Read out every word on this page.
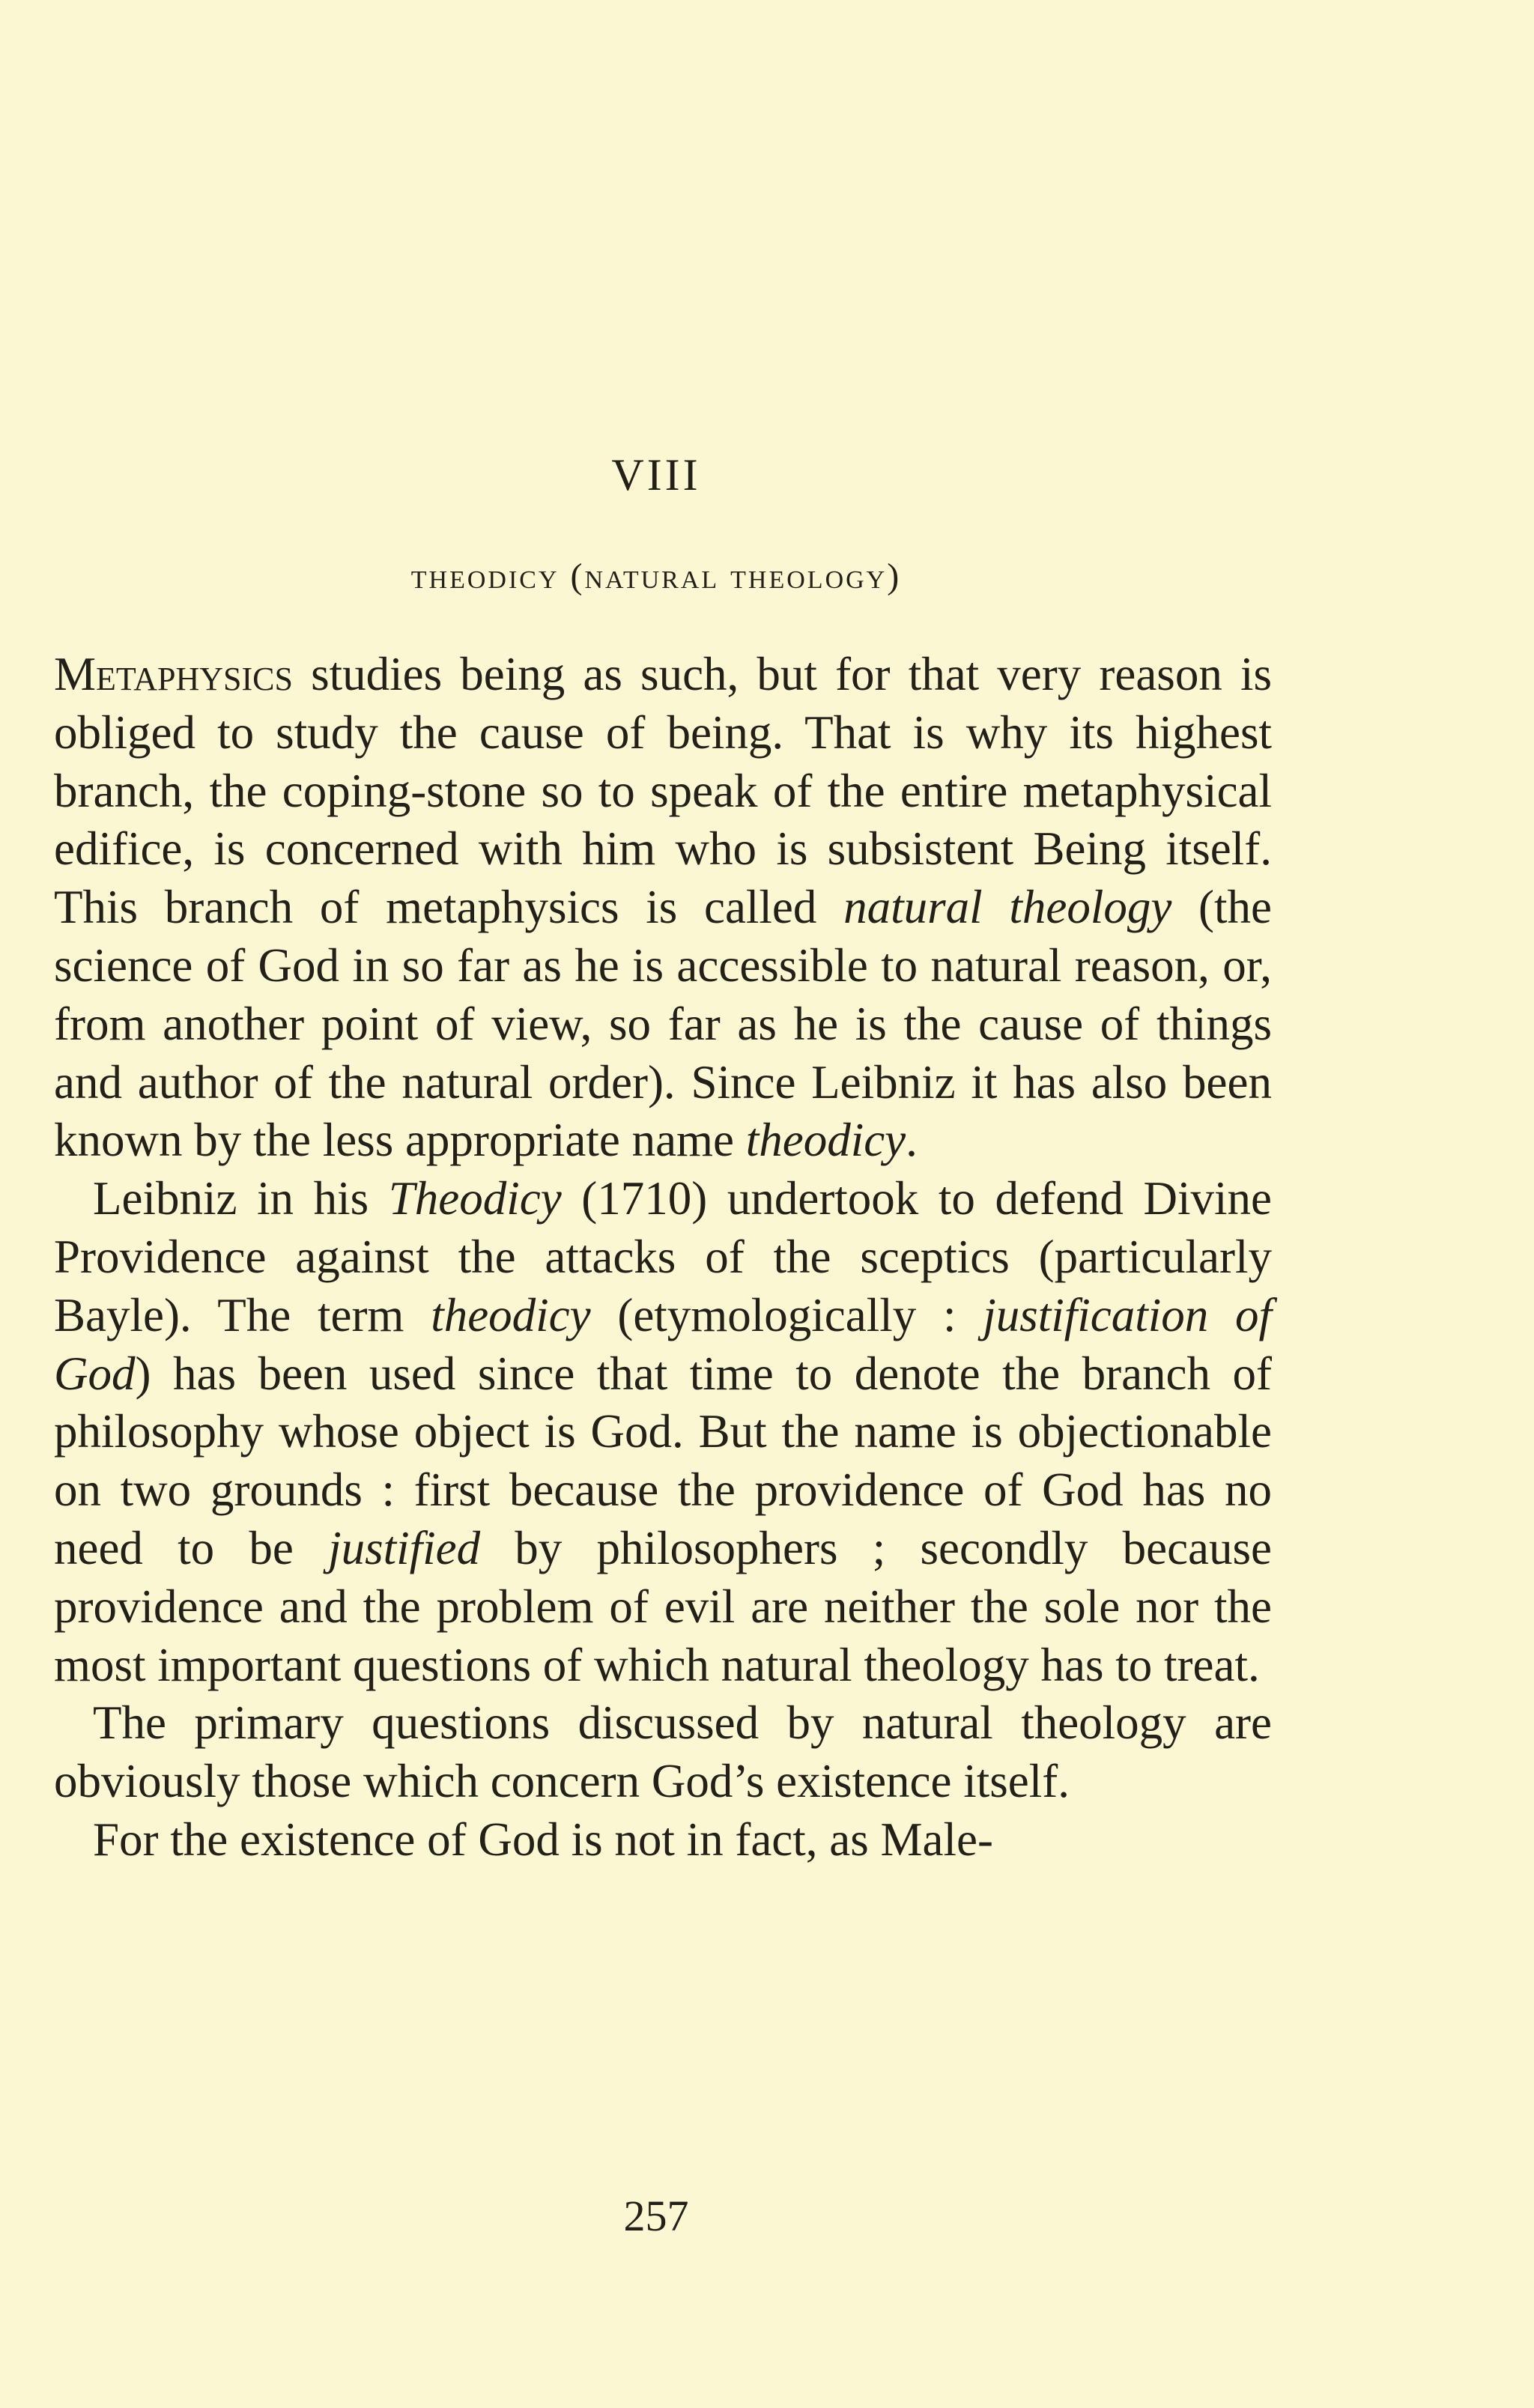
VIII
theodicy (natural theology)

Metaphysics studies being as such, but for that very reason is obliged to study the cause of being. That is why its highest branch, the coping-stone so to speak of the entire metaphysical edifice, is concerned with him who is subsistent Being itself. This branch of metaphysics is called natural theology (the science of God in so far as he is accessible to natural reason, or, from another point of view, so far as he is the cause of things and author of the natural order). Since Leibniz it has also been known by the less appropriate name theodicy.

Leibniz in his Theodicy (1710) undertook to defend Divine Providence against the attacks of the sceptics (particularly Bayle). The term theodicy (etymologically : justification of God) has been used since that time to denote the branch of philosophy whose object is God. But the name is objectionable on two grounds : first because the providence of God has no need to be justified by philosophers ; secondly because providence and the problem of evil are neither the sole nor the most important questions of which natural theology has to treat.

The primary questions discussed by natural theology are obviously those which concern God’s existence itself.

For the existence of God is not in fact, as Male-

257
